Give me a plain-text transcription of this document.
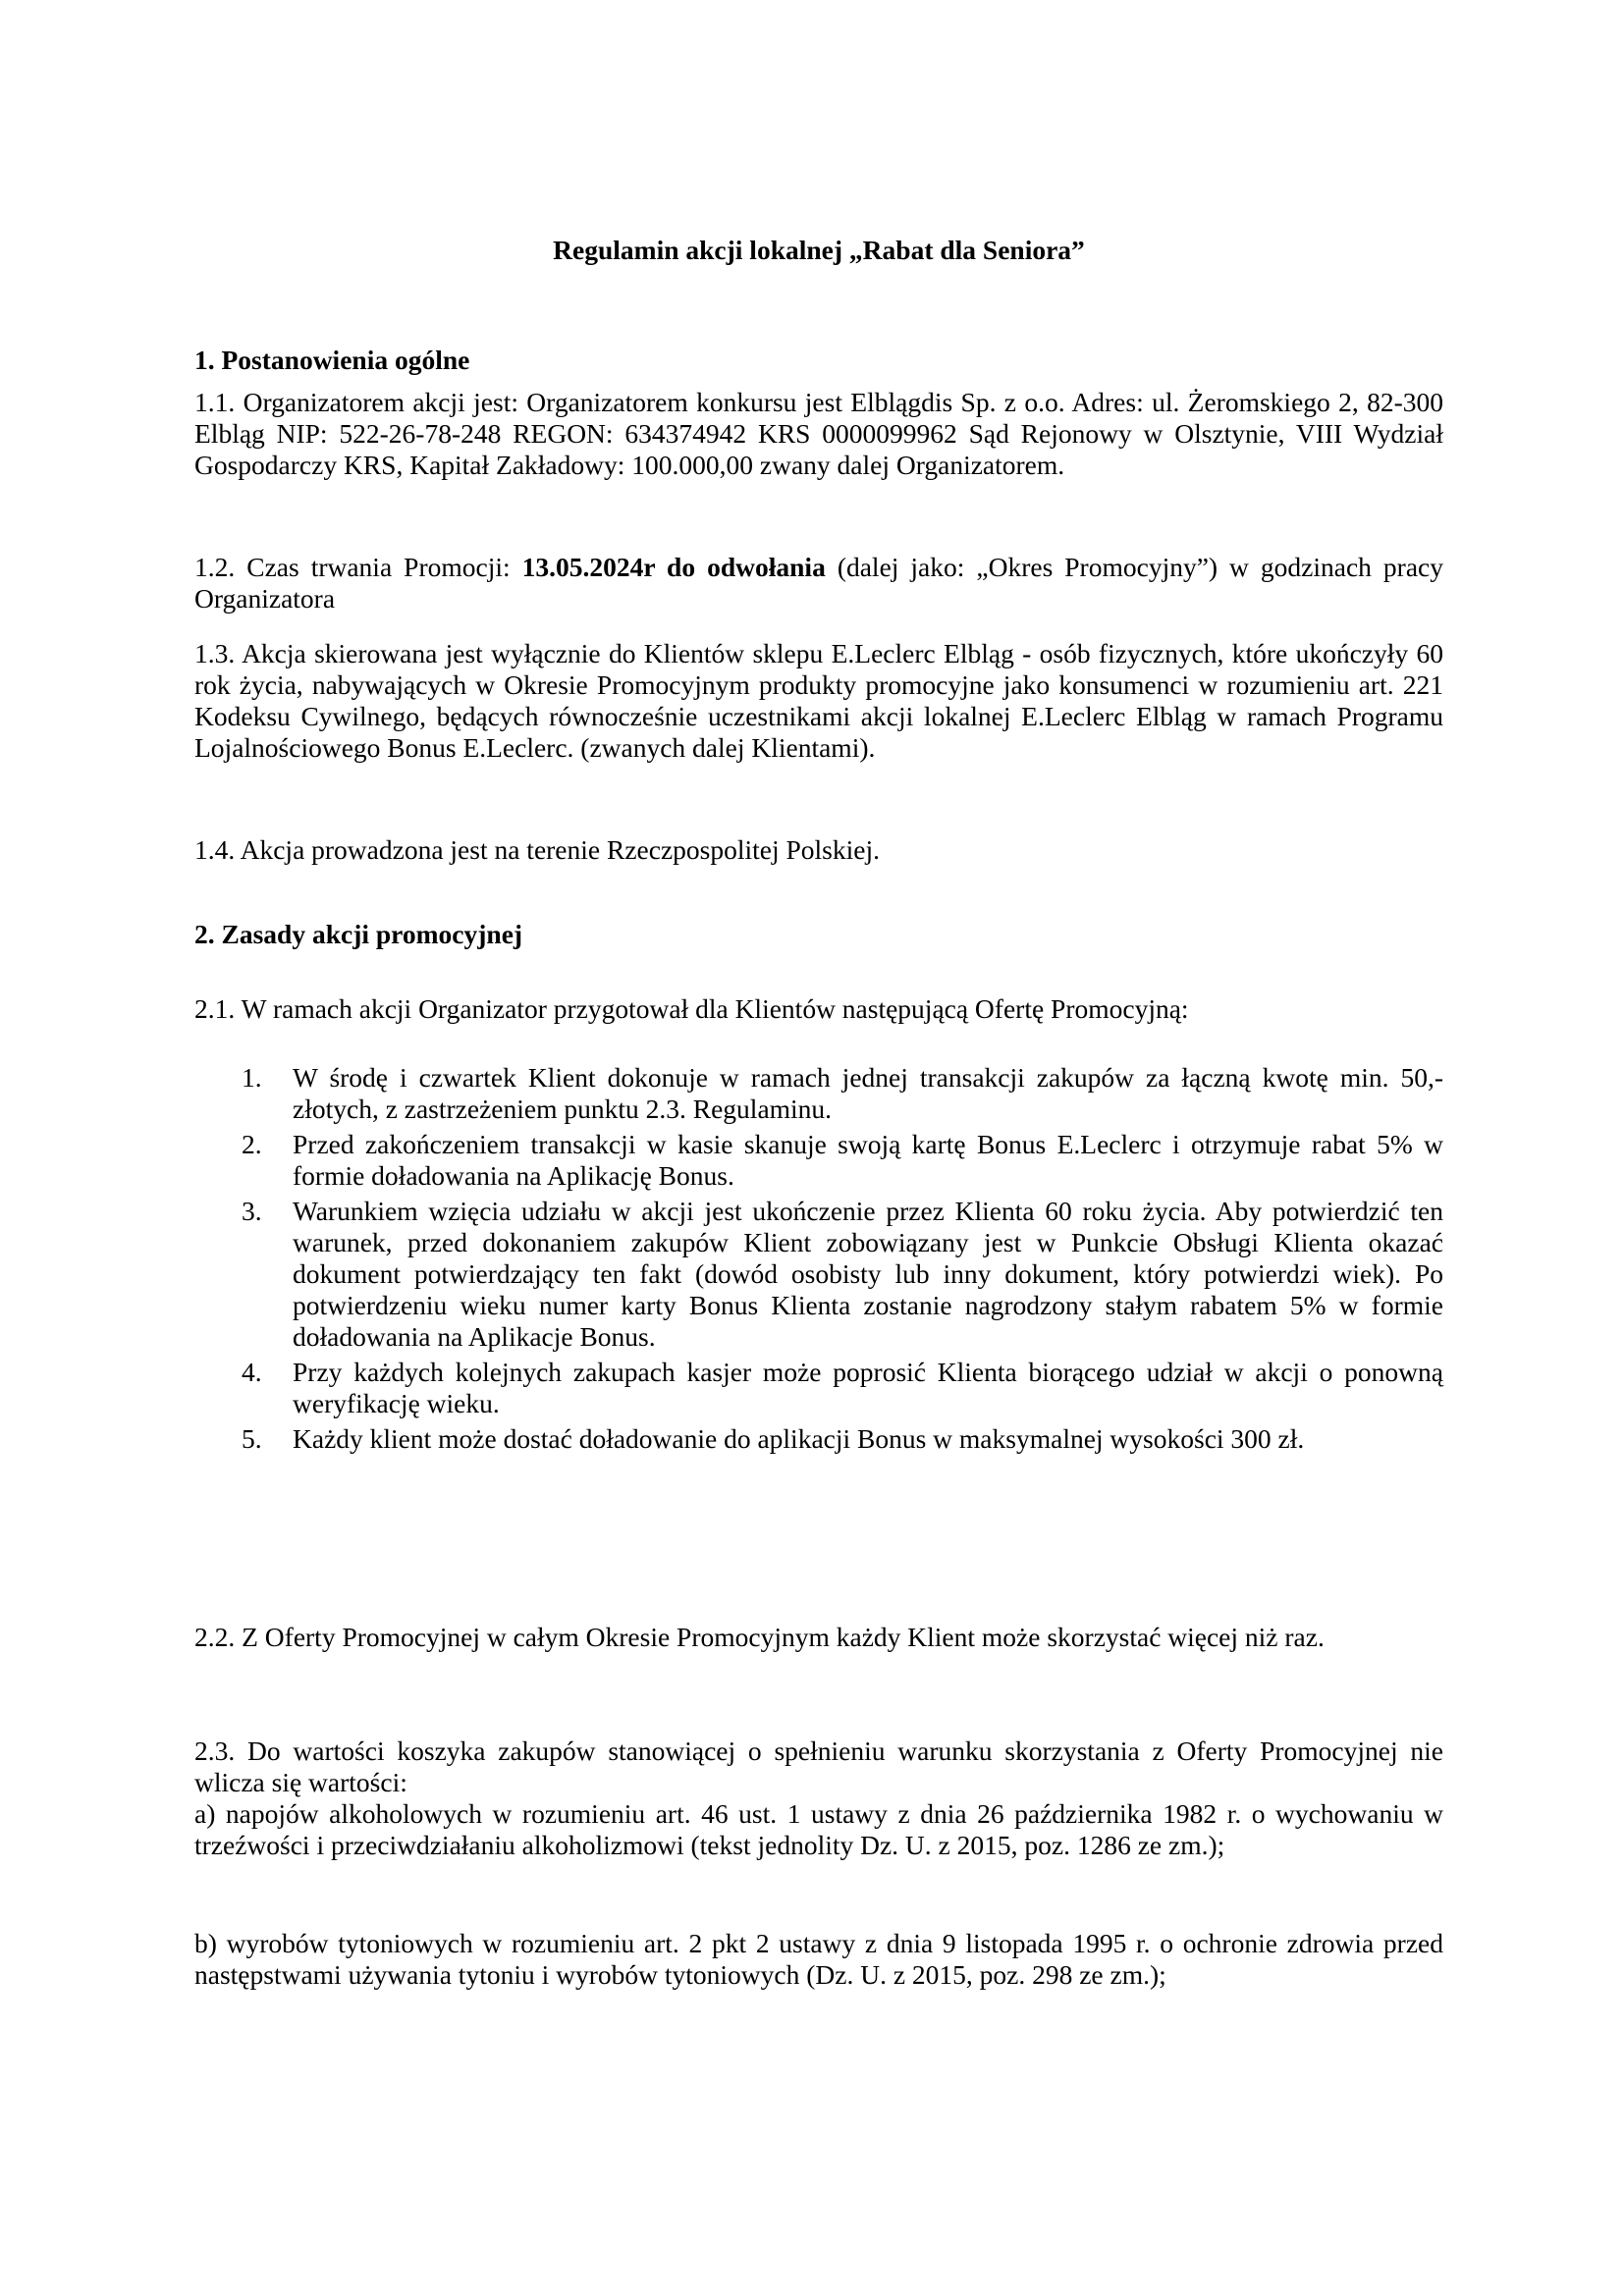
Regulamin akcji lokalnej „Rabat dla Seniora”
1. Postanowienia ogólne
1.1. Organizatorem akcji jest: Organizatorem konkursu jest Elblągdis Sp. z o.o. Adres: ul. Żeromskiego 2, 82-300 Elbląg NIP: 522-26-78-248 REGON: 634374942 KRS 0000099962 Sąd Rejonowy w Olsztynie, VIII Wydział Gospodarczy KRS, Kapitał Zakładowy: 100.000,00 zwany dalej Organizatorem.
1.2. Czas trwania Promocji: 13.05.2024r do odwołania (dalej jako: „Okres Promocyjny”) w godzinach pracy Organizatora
1.3. Akcja skierowana jest wyłącznie do Klientów sklepu E.Leclerc Elbląg - osób fizycznych, które ukończyły 60 rok życia, nabywających w Okresie Promocyjnym produkty promocyjne jako konsumenci w rozumieniu art. 221 Kodeksu Cywilnego, będących równocześnie uczestnikami akcji lokalnej E.Leclerc Elbląg w ramach Programu Lojalnościowego Bonus E.Leclerc. (zwanych dalej Klientami).
1.4. Akcja prowadzona jest na terenie Rzeczpospolitej Polskiej.
2. Zasady akcji promocyjnej
2.1. W ramach akcji Organizator przygotował dla Klientów następującą Ofertę Promocyjną:
1. W środę i czwartek Klient dokonuje w ramach jednej transakcji zakupów za łączną kwotę min. 50,- złotych, z zastrzeżeniem punktu 2.3. Regulaminu.
2. Przed zakończeniem transakcji w kasie skanuje swoją kartę Bonus E.Leclerc i otrzymuje rabat 5% w formie doładowania na Aplikację Bonus.
3. Warunkiem wzięcia udziału w akcji jest ukończenie przez Klienta 60 roku życia. Aby potwierdzić ten warunek, przed dokonaniem zakupów Klient zobowiązany jest w Punkcie Obsługi Klienta okazać dokument potwierdzający ten fakt (dowód osobisty lub inny dokument, który potwierdzi wiek). Po potwierdzeniu wieku numer karty Bonus Klienta zostanie nagrodzony stałym rabatem 5% w formie doładowania na Aplikacje Bonus.
4. Przy każdych kolejnych zakupach kasjer może poprosić Klienta biorącego udział w akcji o ponowną weryfikację wieku.
5. Każdy klient może dostać doładowanie do aplikacji Bonus w maksymalnej wysokości 300 zł.
2.2. Z Oferty Promocyjnej w całym Okresie Promocyjnym każdy Klient może skorzystać więcej niż raz.
2.3. Do wartości koszyka zakupów stanowiącej o spełnieniu warunku skorzystania z Oferty Promocyjnej nie wlicza się wartości:
a) napojów alkoholowych w rozumieniu art. 46 ust. 1 ustawy z dnia 26 października 1982 r. o wychowaniu w trzeźwości i przeciwdziałaniu alkoholizmowi (tekst jednolity Dz. U. z 2015, poz. 1286 ze zm.);
b) wyrobów tytoniowych w rozumieniu art. 2 pkt 2 ustawy z dnia 9 listopada 1995 r. o ochronie zdrowia przed następstwami używania tytoniu i wyrobów tytoniowych (Dz. U. z 2015, poz. 298 ze zm.);
